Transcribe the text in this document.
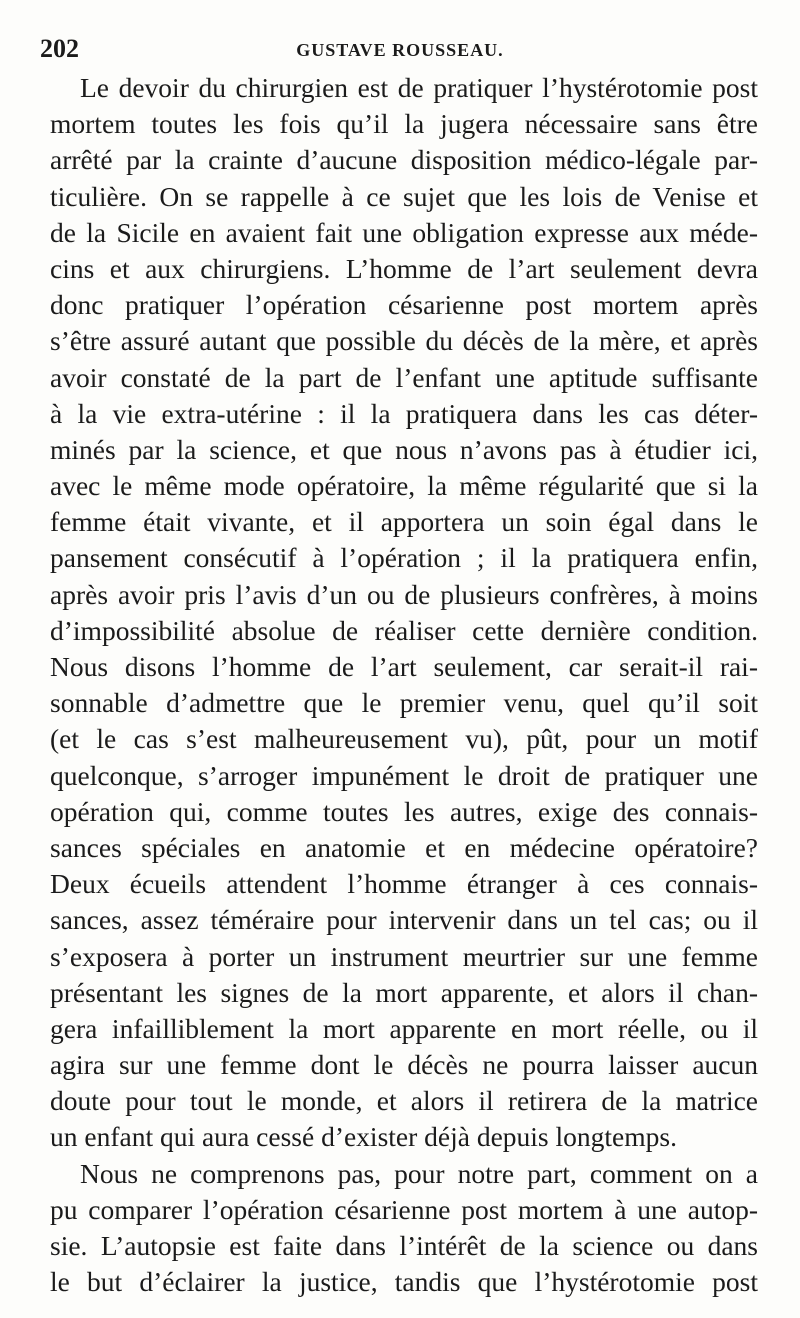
202	GUSTAVE ROUSSEAU.
Le devoir du chirurgien est de pratiquer l’hystérotomie post
mortem toutes les fois qu’il la jugera nécessaire sans être
arrêté par la crainte d’aucune disposition médico-légale par-
ticulière. On se rappelle à ce sujet que les lois de Venise et
de la Sicile en avaient fait une obligation expresse aux méde-
cins et aux chirurgiens. L’homme de l’art seulement devra
donc pratiquer l’opération césarienne post mortem après
s’être assuré autant que possible du décès de la mère, et après
avoir constaté de la part de l’enfant une aptitude suffisante
à la vie extra-utérine : il la pratiquera dans les cas déter-
minés par la science, et que nous n’avons pas à étudier ici,
avec le même mode opératoire, la même régularité que si la
femme était vivante, et il apportera un soin égal dans le
pansement consécutif à l’opération ; il la pratiquera enfin,
après avoir pris l’avis d’un ou de plusieurs confrères, à moins
d’impossibilité absolue de réaliser cette dernière condition.
Nous disons l’homme de l’art seulement, car serait-il rai-
sonnable d’admettre que le premier venu, quel qu’il soit
(et le cas s’est malheureusement vu), pût, pour un motif
quelconque, s’arroger impunément le droit de pratiquer une
opération qui, comme toutes les autres, exige des connais-
sances spéciales en anatomie et en médecine opératoire?
Deux écueils attendent l’homme étranger à ces connais-
sances, assez téméraire pour intervenir dans un tel cas; ou il
s’exposera à porter un instrument meurtrier sur une femme
présentant les signes de la mort apparente, et alors il chan-
gera infailliblement la mort apparente en mort réelle, ou il
agira sur une femme dont le décès ne pourra laisser aucun
doute pour tout le monde, et alors il retirera de la matrice
un enfant qui aura cessé d’exister déjà depuis longtemps.
Nous ne comprenons pas, pour notre part, comment on a
pu comparer l’opération césarienne post mortem à une autop-
sie. L’autopsie est faite dans l’intérêt de la science ou dans
le but d’éclairer la justice, tandis que l’hystérotomie post
